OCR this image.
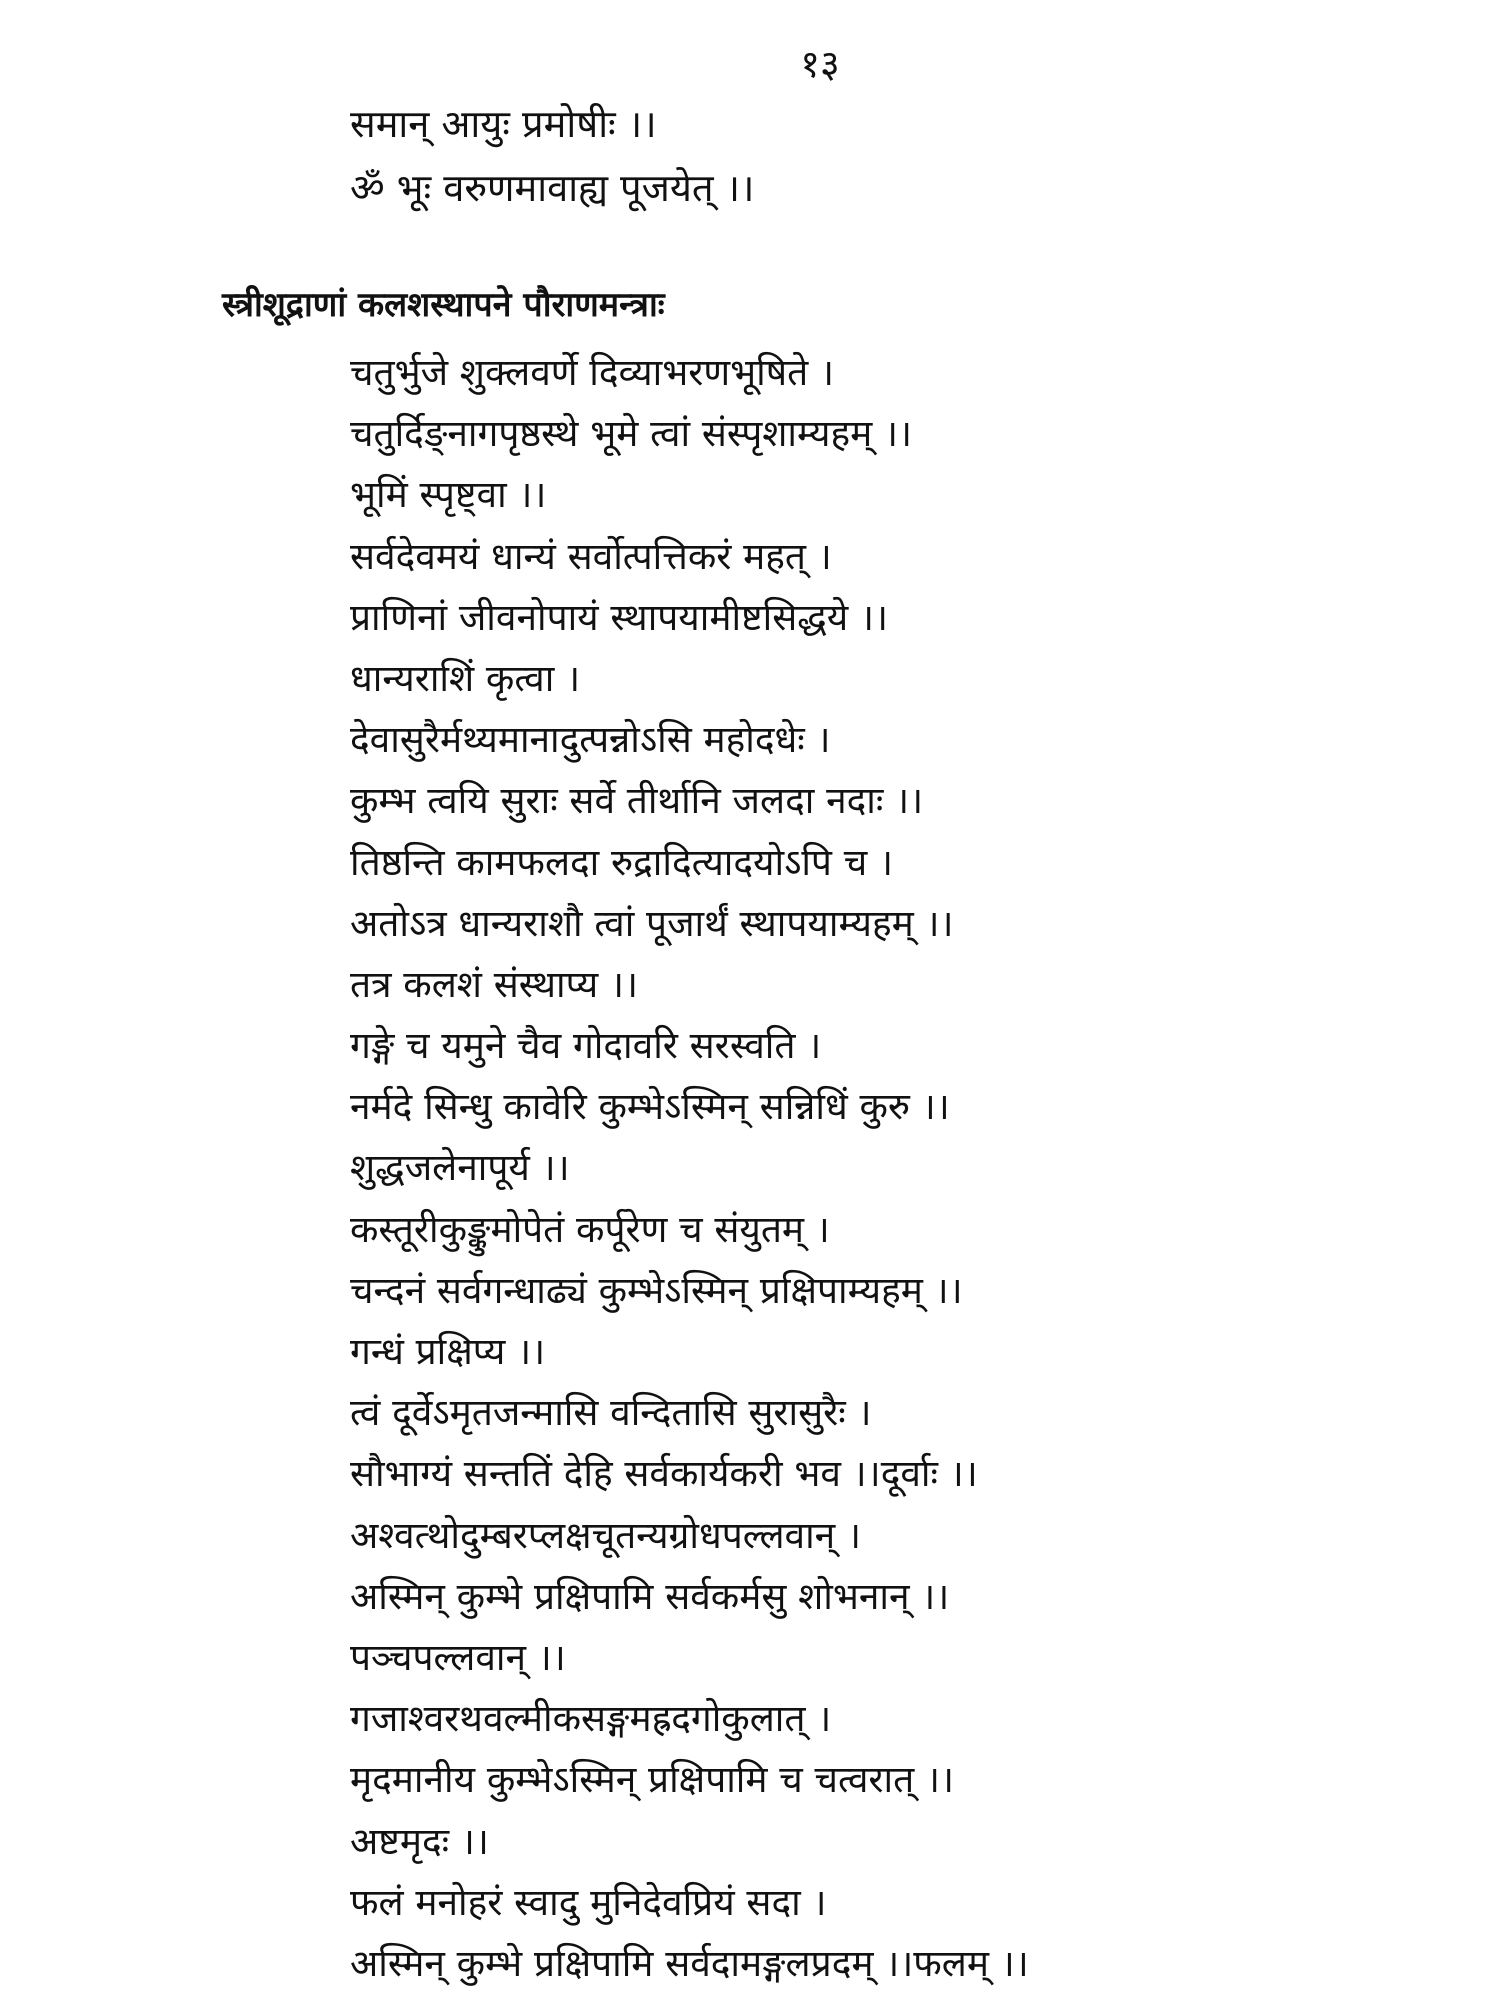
१३
समान् आयुः प्रमोषीः ।।
ॐ भूः वरुणमावाह्य पूजयेत् ।।
स्त्रीशूद्राणां कलशस्थापने पौराणमन्त्राः
चतुर्भुजे शुक्लवर्णे दिव्याभरणभूषिते ।
चतुर्दिङ्नागपृष्ठस्थे भूमे त्वां संस्पृशाम्यहम् ।।
भूमिं स्पृष्ट्वा ।।
सर्वदेवमयं धान्यं सर्वोत्पत्तिकरं महत् ।
प्राणिनां जीवनोपायं स्थापयामीष्टसिद्धये ।।
धान्यराशिं कृत्वा ।
देवासुरैर्मथ्यमानादुत्पन्नोऽसि महोदधेः ।
कुम्भ त्वयि सुराः सर्वे तीर्थानि जलदा नदाः ।।
तिष्ठन्ति कामफलदा रुद्रादित्यादयोऽपि च ।
अतोऽत्र धान्यराशौ त्वां पूजार्थं स्थापयाम्यहम् ।।
तत्र कलशं संस्थाप्य ।।
गङ्गे च यमुने चैव गोदावरि सरस्वति ।
नर्मदे सिन्धु कावेरि कुम्भेऽस्मिन् सन्निधिं कुरु ।।
शुद्धजलेनापूर्य ।।
कस्तूरीकुङ्कुमोपेतं कर्पूरेण च संयुतम् ।
चन्दनं सर्वगन्धाढ्यं कुम्भेऽस्मिन् प्रक्षिपाम्यहम् ।।
गन्धं प्रक्षिप्य ।।
त्वं दूर्वेऽमृतजन्मासि वन्दितासि सुरासुरैः ।
सौभाग्यं सन्ततिं देहि सर्वकार्यकरी भव ।।दूर्वाः ।।
अश्वत्थोदुम्बरप्लक्षचूतन्यग्रोधपल्लवान् ।
अस्मिन् कुम्भे प्रक्षिपामि सर्वकर्मसु शोभनान् ।।
पञ्चपल्लवान् ।।
गजाश्वरथवल्मीकसङ्गमह्रदगोकुलात् ।
मृदमानीय कुम्भेऽस्मिन् प्रक्षिपामि च चत्वरात् ।।
अष्टमृदः ।।
फलं मनोहरं स्वादु मुनिदेवप्रियं सदा ।
अस्मिन् कुम्भे प्रक्षिपामि सर्वदामङ्गलप्रदम् ।।फलम् ।।
